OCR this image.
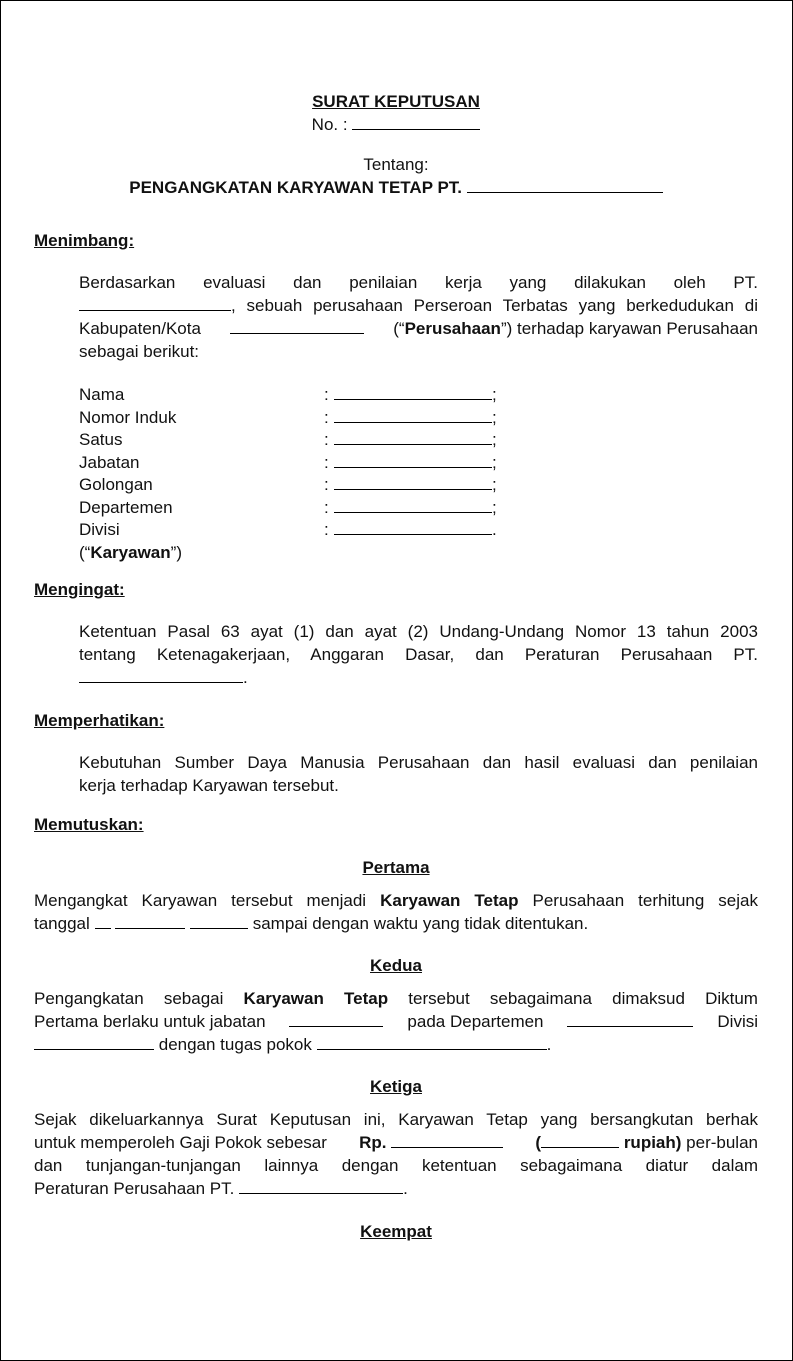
SURAT KEPUTUSAN
No. :
Tentang:
PENGANGKATAN KARYAWAN TETAP PT.
Menimbang:

Berdasarkan evaluasi dan penilaian kerja yang dilakukan oleh PT.

, sebuah perusahaan Perseroan Terbatas yang berkedudukan di

Kabupaten/Kota	(“Perusahaan”) terhadap karyawan Perusahaan

sebagai berikut:

Nama	:	;
Nomor Induk	:	;
Satus	:	;
Jabatan	:	;
Golongan	:	;
Departemen	:	;
Divisi	:	.
(“ Karyawan ”)
Mengingat:

Ketentuan Pasal 63 ayat (1) dan ayat (2) Undang-Undang Nomor 13 tahun 2003

tentang Ketenagakerjaan, Anggaran Dasar, dan Peraturan Perusahaan PT.

.

Memperhatikan:

Kebutuhan Sumber Daya Manusia Perusahaan dan hasil evaluasi dan penilaian

kerja terhadap Karyawan tersebut.

Memutuskan:
Pertama

Mengangkat Karyawan tersebut menjadi Karyawan Tetap Perusahaan terhitung sejak

tanggal	sampai dengan waktu yang tidak ditentukan.

Kedua

Pengangkatan sebagai Karyawan Tetap tersebut sebagaimana dimaksud Diktum

Pertama berlaku untuk jabatan	pada Departemen	Divisi

dengan tugas pokok	.

Ketiga

Sejak dikeluarkannya Surat Keputusan ini, Karyawan Tetap yang bersangkutan berhak

untuk memperoleh Gaji Pokok sebesar Rp.	(	rupiah) per-bulan

dan tunjangan-tunjangan lainnya dengan ketentuan sebagaimana diatur dalam

Peraturan Perusahaan PT.	.

Keempat
